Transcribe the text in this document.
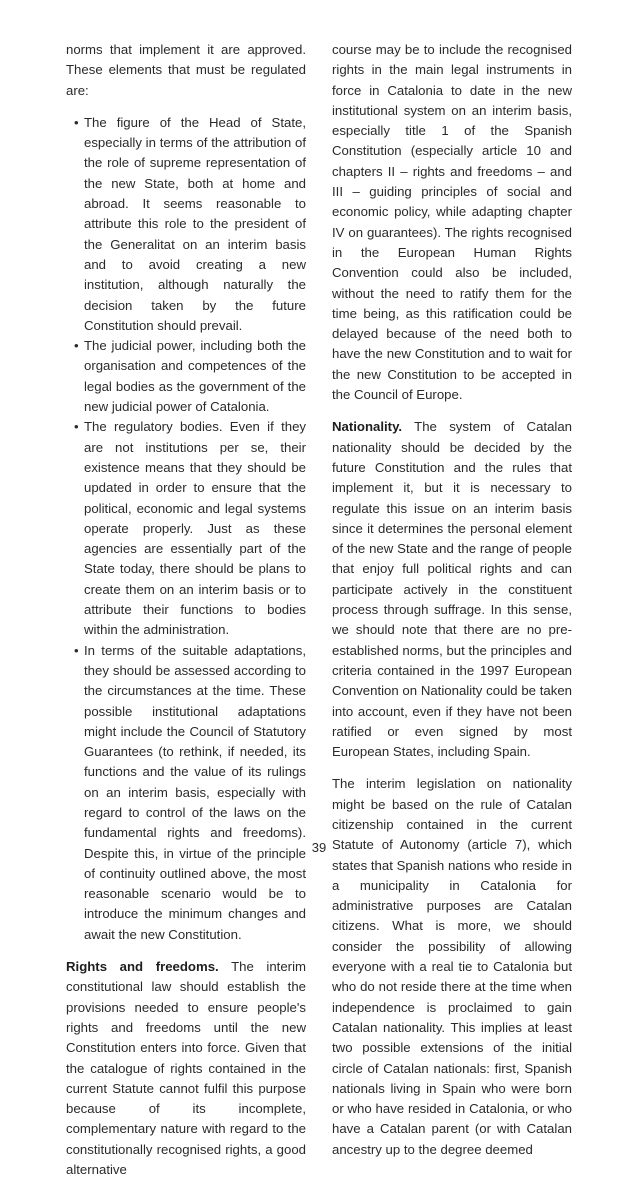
norms that implement it are approved. These elements that must be regulated are:

• The figure of the Head of State, especially in terms of the attribution of the role of supreme representation of the new State, both at home and abroad. It seems reasonable to attribute this role to the president of the Generalitat on an interim basis and to avoid creating a new institution, although naturally the decision taken by the future Constitution should prevail.
• The judicial power, including both the organisation and competences of the legal bodies as the government of the new judicial power of Catalonia.
• The regulatory bodies. Even if they are not institutions per se, their existence means that they should be updated in order to ensure that the political, economic and legal systems operate properly. Just as these agencies are essentially part of the State today, there should be plans to create them on an interim basis or to attribute their functions to bodies within the administration.
• In terms of the suitable adaptations, they should be assessed according to the circumstances at the time. These possible institutional adaptations might include the Council of Statutory Guarantees (to rethink, if needed, its functions and the value of its rulings on an interim basis, especially with regard to control of the laws on the fundamental rights and freedoms). Despite this, in virtue of the principle of continuity outlined above, the most reasonable scenario would be to introduce the minimum changes and await the new Constitution.

Rights and freedoms. The interim constitutional law should establish the provisions needed to ensure people's rights and freedoms until the new Constitution enters into force. Given that the catalogue of rights contained in the current Statute cannot fulfil this purpose because of its incomplete, complementary nature with regard to the constitutionally recognised rights, a good alternative

course may be to include the recognised rights in the main legal instruments in force in Catalonia to date in the new institutional system on an interim basis, especially title 1 of the Spanish Constitution (especially article 10 and chapters II – rights and freedoms – and III – guiding principles of social and economic policy, while adapting chapter IV on guarantees). The rights recognised in the European Human Rights Convention could also be included, without the need to ratify them for the time being, as this ratification could be delayed because of the need both to have the new Constitution and to wait for the new Constitution to be accepted in the Council of Europe.

Nationality. The system of Catalan nationality should be decided by the future Constitution and the rules that implement it, but it is necessary to regulate this issue on an interim basis since it determines the personal element of the new State and the range of people that enjoy full political rights and can participate actively in the constituent process through suffrage. In this sense, we should note that there are no pre-established norms, but the principles and criteria contained in the 1997 European Convention on Nationality could be taken into account, even if they have not been ratified or even signed by most European States, including Spain.

The interim legislation on nationality might be based on the rule of Catalan citizenship contained in the current Statute of Autonomy (article 7), which states that Spanish nations who reside in a municipality in Catalonia for administrative purposes are Catalan citizens. What is more, we should consider the possibility of allowing everyone with a real tie to Catalonia but who do not reside there at the time when independence is proclaimed to gain Catalan nationality. This implies at least two possible extensions of the initial circle of Catalan nationals: first, Spanish nationals living in Spain who were born or who have resided in Catalonia, or who have a Catalan parent (or with Catalan ancestry up to the degree deemed

39
